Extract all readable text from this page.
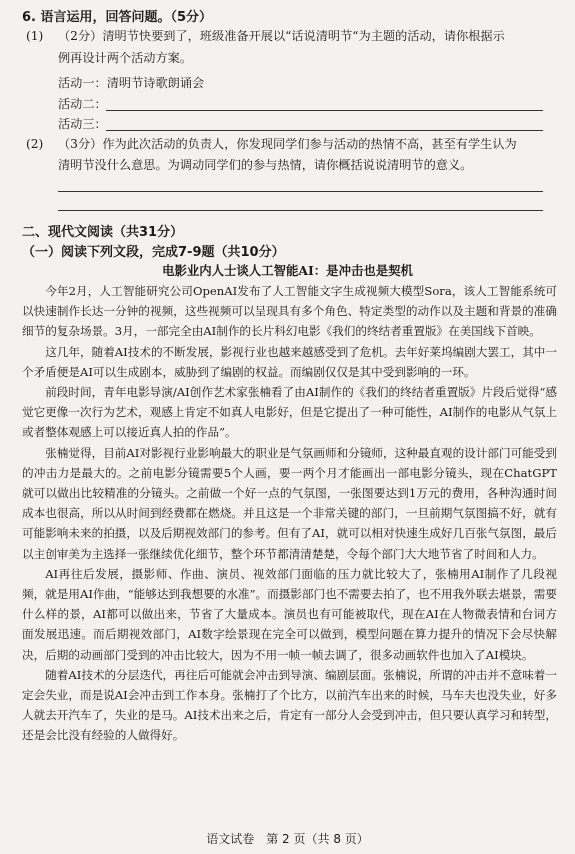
6. 语言运用，回答问题。（5分）
(1) （2分）清明节快要到了，班级准备开展以“话说清明节“为主题的活动，请你根据示
例再设计两个活动方案。
活动一：清明节诗歌朗诵会
活动二：
活动三：
(2) （3分）作为此次活动的负责人，你发现同学们参与活动的热情不高，甚至有学生认为
清明节没什么意思。为调动同学们的参与热情，请你概括说说清明节的意义。
二、现代文阅读（共31分）
（一）阅读下列文段，完成7-9题（共10分）
电影业内人士谈人工智能AI：是冲击也是契机

今年2月，人工智能研究公司OpenAI发布了人工智能文字生成视频大模型Sora，该人工智能系统可以快速制作长达一分钟的视频，这些视频可以呈现具有多个角色、特定类型的动作以及主题和背景的准确细节的复杂场景。3月，一部完全由AI制作的长片科幻电影《我们的终结者重置版》在美国线下首映。

这几年，随着AI技术的不断发展，影视行业也越来越感受到了危机。去年好莱坞编剧大罢工，其中一个矛盾便是AI可以生成剧本，威胁到了编剧的权益。而编剧仅仅是其中受到影响的一环。

前段时间，青年电影导演/AI创作艺术家张楠看了由AI制作的《我们的终结者重置版》片段后觉得“感觉它更像一次行为艺术，观感上肯定不如真人电影好，但是它提出了一种可能性，AI制作的电影从气氛上或者整体观感上可以接近真人拍的作品”。

张楠觉得，目前AI对影视行业影响最大的职业是气氛画师和分镜师，这种最直观的设计部门可能受到的冲击力是最大的。之前电影分镜需要5个人画，要一两个月才能画出一部电影分镜头，现在ChatGPT就可以做出比较精准的分镜头。之前做一个好一点的气氛图，一张图要达到1万元的费用，各种沟通时间成本也很高，所以从时间到经费都在燃烧。并且这是一个非常关键的部门，一旦前期气氛图搞不好，就有可能影响未来的拍摄，以及后期视效部门的参考。但有了AI，就可以相对快速生成好几百张气氛图，最后以主创审美为主选择一张继续优化细节，整个环节都清清楚楚，令每个部门大大地节省了时间和人力。

AI再往后发展，摄影师、作曲、演员、视效部门面临的压力就比较大了，张楠用AI制作了几段视频，就是用AI作曲，“能够达到我想要的水准”。而摄影部门也不需要去拍了，也不用我外联去堪景，需要什么样的景，AI都可以做出来，节省了大量成本。演员也有可能被取代，现在AI在人物微表情和台词方面发展迅速。而后期视效部门，AI数字绘景现在完全可以做到，模型问题在算力提升的情况下会尽快解决，后期的动画部门受到的冲击比较大，因为不用一帧一帧去调了，很多动画软件也加入了AI模块。

随着AI技术的分层迭代，再往后可能就会冲击到导演、编剧层面。张楠说，所谓的冲击并不意味着一定会失业，而是说AI会冲击到工作本身。张楠打了个比方，以前汽车出来的时候，马车夫也没失业，好多人就去开汽车了，失业的是马。AI技术出来之后，肯定有一部分人会受到冲击，但只要认真学习和转型，还是会比没有经验的人做得好。

语文试卷　第 2 页（共 8 页）
